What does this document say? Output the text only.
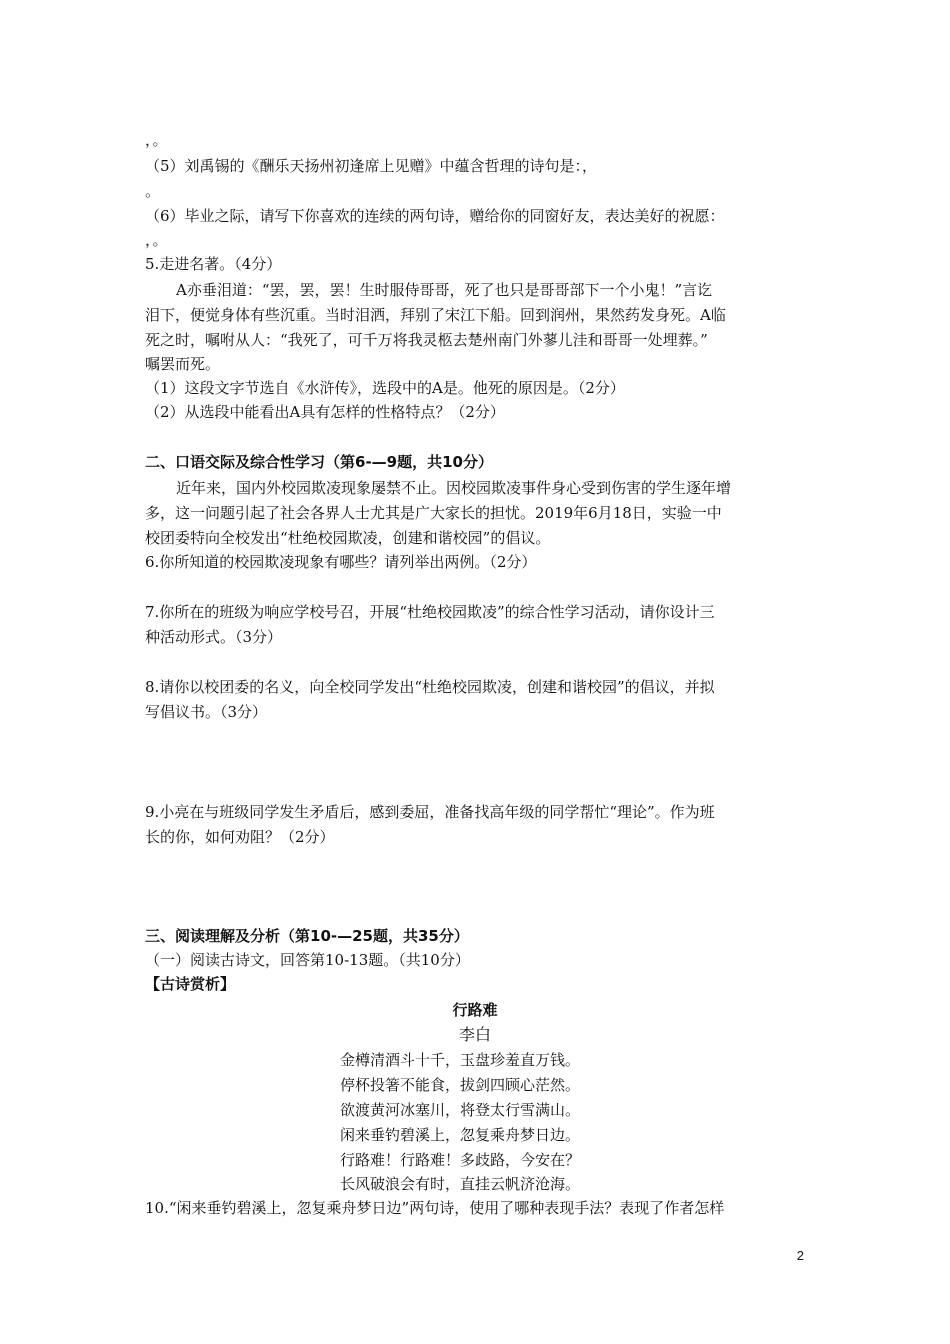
，。
（5）刘禹锡的《酬乐天扬州初逢席上见赠》中蕴含哲理的诗句是：，
。
（6）毕业之际，请写下你喜欢的连续的两句诗，赠给你的同窗好友，表达美好的祝愿：
，。
5.走进名著。（4分）
A亦垂泪道：“罢，罢，罢！生时服侍哥哥，死了也只是哥哥部下一个小鬼！”言讫
泪下，便觉身体有些沉重。当时泪洒，拜别了宋江下船。回到润州，果然药发身死。A临
死之时，嘱咐从人：“我死了，可千万将我灵柩去楚州南门外蓼儿洼和哥哥一处埋葬。”
嘱罢而死。
（1）这段文字节选自《水浒传》，选段中的A是。他死的原因是。（2分）
（2）从选段中能看出A具有怎样的性格特点？（2分）
二、口语交际及综合性学习（第6-—9题，共10分）
近年来，国内外校园欺凌现象屡禁不止。因校园欺凌事件身心受到伤害的学生逐年增
多，这一问题引起了社会各界人士尤其是广大家长的担忧。2019年6月18日，实验一中
校团委特向全校发出“杜绝校园欺凌，创建和谐校园”的倡议。
6.你所知道的校园欺凌现象有哪些？请列举出两例。（2分）
7.你所在的班级为响应学校号召，开展“杜绝校园欺凌”的综合性学习活动，请你设计三
种活动形式。（3分）
8.请你以校团委的名义，向全校同学发出“杜绝校园欺凌，创建和谐校园”的倡议，并拟
写倡议书。（3分）
9.小亮在与班级同学发生矛盾后，感到委屈，准备找高年级的同学帮忙“理论”。作为班
长的你，如何劝阻？（2分）
三、阅读理解及分析（第10-—25题，共35分）
（一）阅读古诗文，回答第10-13题。（共10分）
【古诗赏析】
行路难
李白
金樽清酒斗十千，玉盘珍羞直万钱。
停杯投箸不能食，拔剑四顾心茫然。
欲渡黄河冰塞川，将登太行雪满山。
闲来垂钓碧溪上，忽复乘舟梦日边。
行路难！行路难！多歧路，今安在？
长风破浪会有时，直挂云帆济沧海。
10.“闲来垂钓碧溪上，忽复乘舟梦日边”两句诗，使用了哪种表现手法？表现了作者怎样
2
